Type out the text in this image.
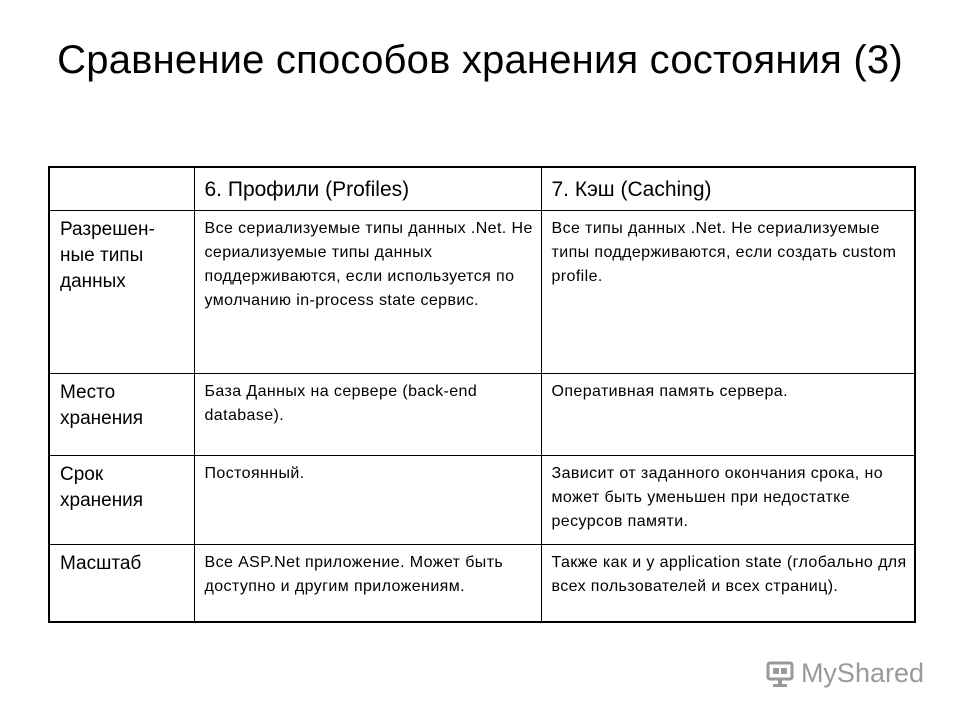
Сравнение способов хранения состояния (3)
	6. Профили (Profiles)	7. Кэш (Caching)

Разрешен-ные типы данных	Все сериализуемые типы данных .Net. Не сериализуемые типы данных поддерживаются, если используется по умолчанию in-process state сервис.	Все типы данных .Net. Не сериализуемые типы поддерживаются, если создать custom profile.
Место хранения	База Данных на сервере (back-end database).	Оперативная память сервера.
Срок хранения	Постоянный.	Зависит от заданного окончания срока, но может быть уменьшен при недостатке ресурсов памяти.
Масштаб	Все ASP.Net приложение. Может быть доступно и другим приложениям.	Также как и у application state (глобально для всех пользователей и всех страниц).
MyShared
